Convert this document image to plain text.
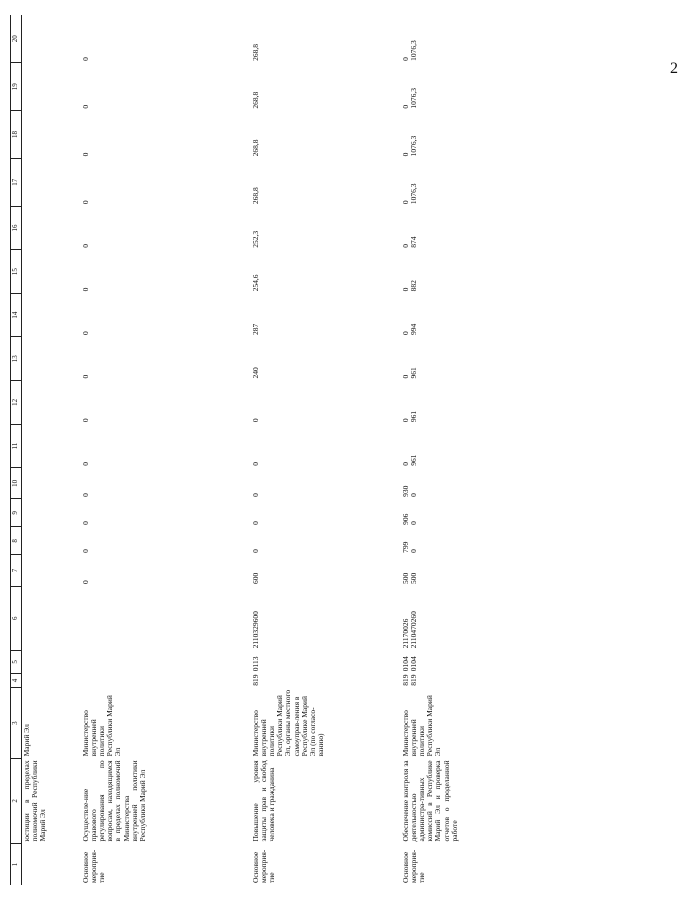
2
1	2	3	4	5	6	7	8	9	10	11	12	13	14	15	16	17	18	19	20

	юстиции в пределах полномочий Республики Марий Эл	Марий Эл																	

Основное мероприя-тие	Осуществле-ние правового регулирования по вопросам, находящимся в пределах полномочий Министерства внутренней политики Республики Марий Эл	Министерство внутренней политики Республики Марий Эл				0	0	0	0	0	0	0	0	0	0	0	0	0	0

Основное мероприя-тие	Повышение уровня защиты прав и свобод человека и гражданина	Министерство внутренней политики Республики Марий Эл, органы местного самоуправ-ления в Республике Марий Эл (по согласо-ванию)	819	0113	2110329600	600	0	0	0	0	0	240	287	254,6	252,3	268,8	268,8	268,8	268,8

Основное мероприя-тие	Обеспечение контроля за деятельностью администра-тивных комиссий в Республике Марий Эл и проверка отчетов о проделанной работе	Министерство внутренней политики Республики Марий Эл	819 819	0104 0104	21170026 2110470260	500 500	799 0	906 0	930 0	0 961	0 961	0 961	0 994	0 882	0 874	0 1076,3	0 1076,3	0 1076,3	0 1076,3
